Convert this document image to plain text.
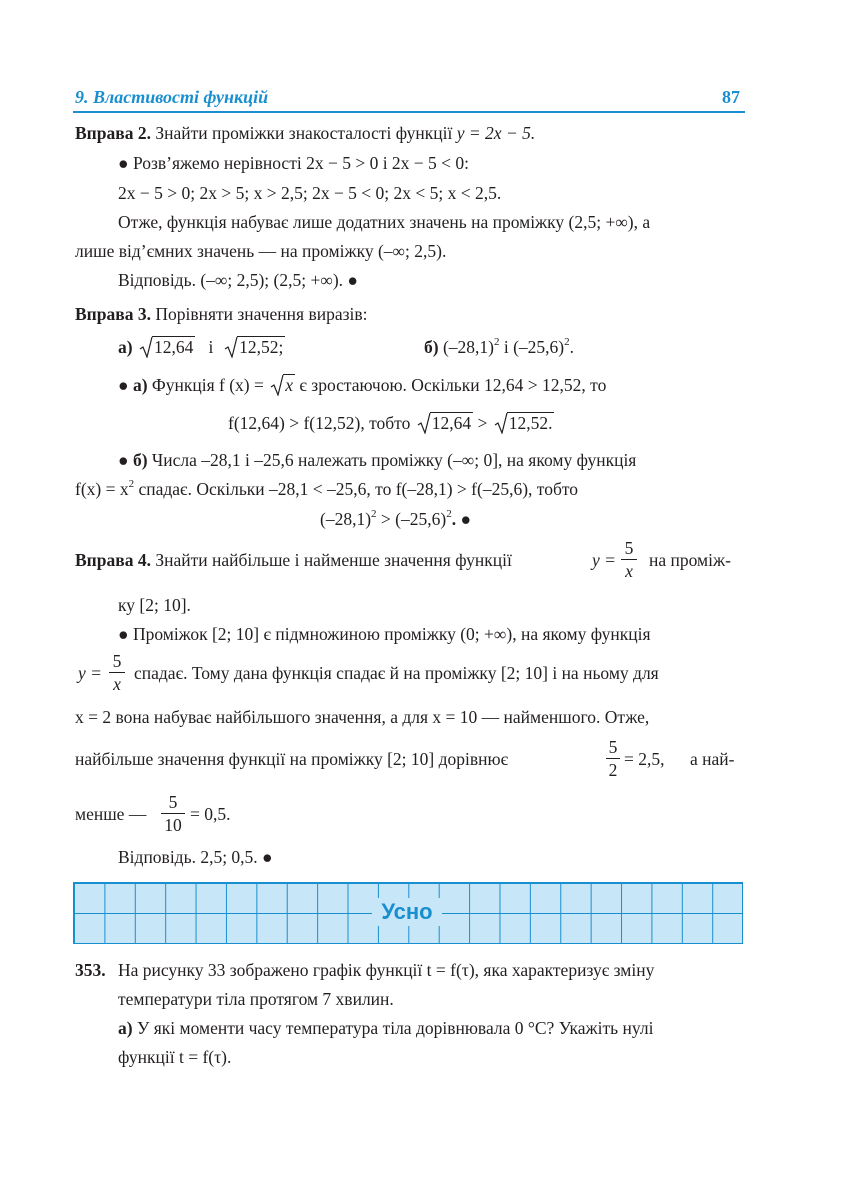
9. Властивості функцій	87
Вправа 2. Знайти проміжки знакосталості функції y = 2x − 5.
● Розв’яжемо нерівності 2x − 5 > 0 і 2x − 5 < 0:
2x − 5 > 0; 2x > 5; x > 2,5; 2x − 5 < 0; 2x < 5; x < 2,5.
Отже, функція набуває лише додатних значень на проміжку (2,5; +∞), а
лише від’ємних значень — на проміжку (–∞; 2,5).
Відповідь. (–∞; 2,5); (2,5; +∞). ●
Вправа 3. Порівняти значення виразів:
а) 12,64 і 12,52;	б) $(-28,1)^2$ і $(-25,6)^2$.
● а) Функція f (x) =
x є зростаючою. Оскільки 12,64 > 12,52, то
f(12,64) > f(12,52), тобто
12,64 >
12,52.
● б) Числа –28,1 і –25,6 належать проміжку (–∞; 0], на якому функція
$f(x) = x^2$ спадає. Оскільки –28,1 < –25,6, то f(–28,1) > f(–25,6), тобто
$(-28,1)^2 > (-25,6)^2$. ●
Вправа 4. Знайти найбільше і найменше значення функції	y =
5
x
на проміж-
ку [2; 10].
● Проміжок [2; 10] є підмножиною проміжку (0; +∞), на якому функція
y =
5
x
спадає. Тому дана функція спадає й на проміжку [2; 10] і на ньому для
x = 2 вона набуває найбільшого значення, а для x = 10 — найменшого. Отже,
найбільше значення функції на проміжку [2; 10] дорівнює
5
2
= 2,5, а най-
менше —
5
10
= 0,5.
Відповідь. 2,5; 0,5. ●
Усно
353. На рисунку 33 зображено графік функції t = f(τ), яка характеризує зміну
температури тіла протягом 7 хвилин.
а) У які моменти часу температура тіла дорівнювала 0 °C? Укажіть нулі
функції t = f(τ).
